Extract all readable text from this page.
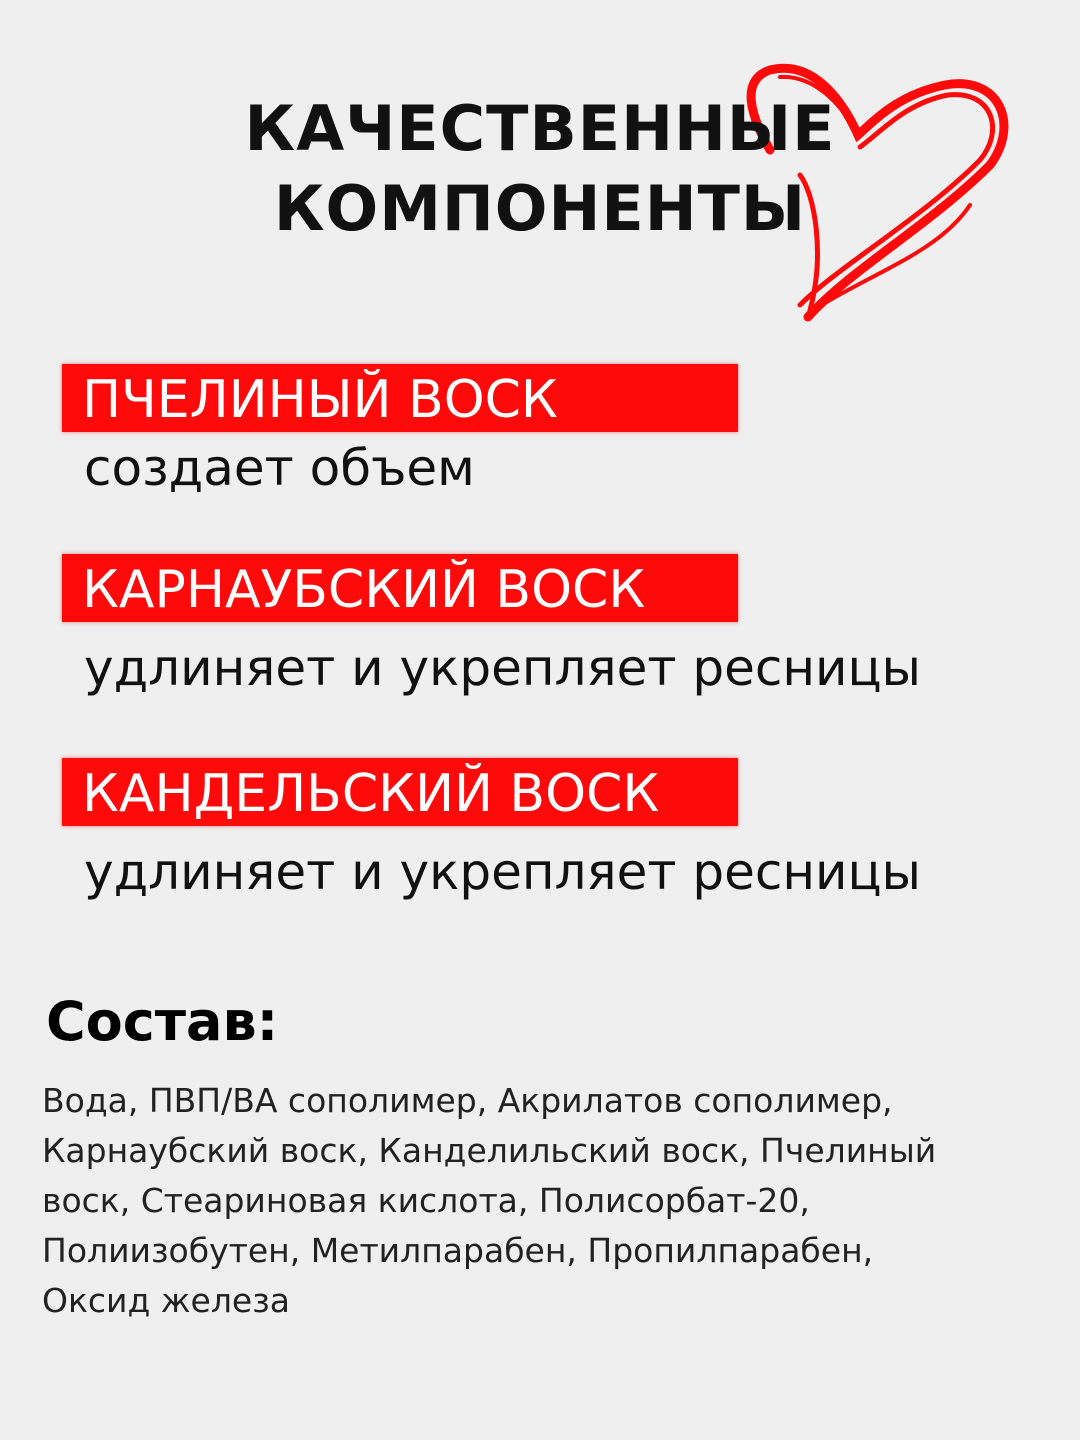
КАЧЕСТВЕННЫЕ
КОМПОНЕНТЫ
ПЧЕЛИНЫЙ ВОСК
создает объем
КАРНАУБСКИЙ ВОСК
удлиняет и укрепляет ресницы
КАНДЕЛЬСКИЙ ВОСК
удлиняет и укрепляет ресницы
Состав:
Вода, ПВП/ВА сополимер, Акрилатов сополимер,
Карнаубский воск, Канделильский воск, Пчелиный
воск, Стеариновая кислота, Полисорбат-20,
Полиизобутен, Метилпарабен, Пропилпарабен,
Оксид железа
